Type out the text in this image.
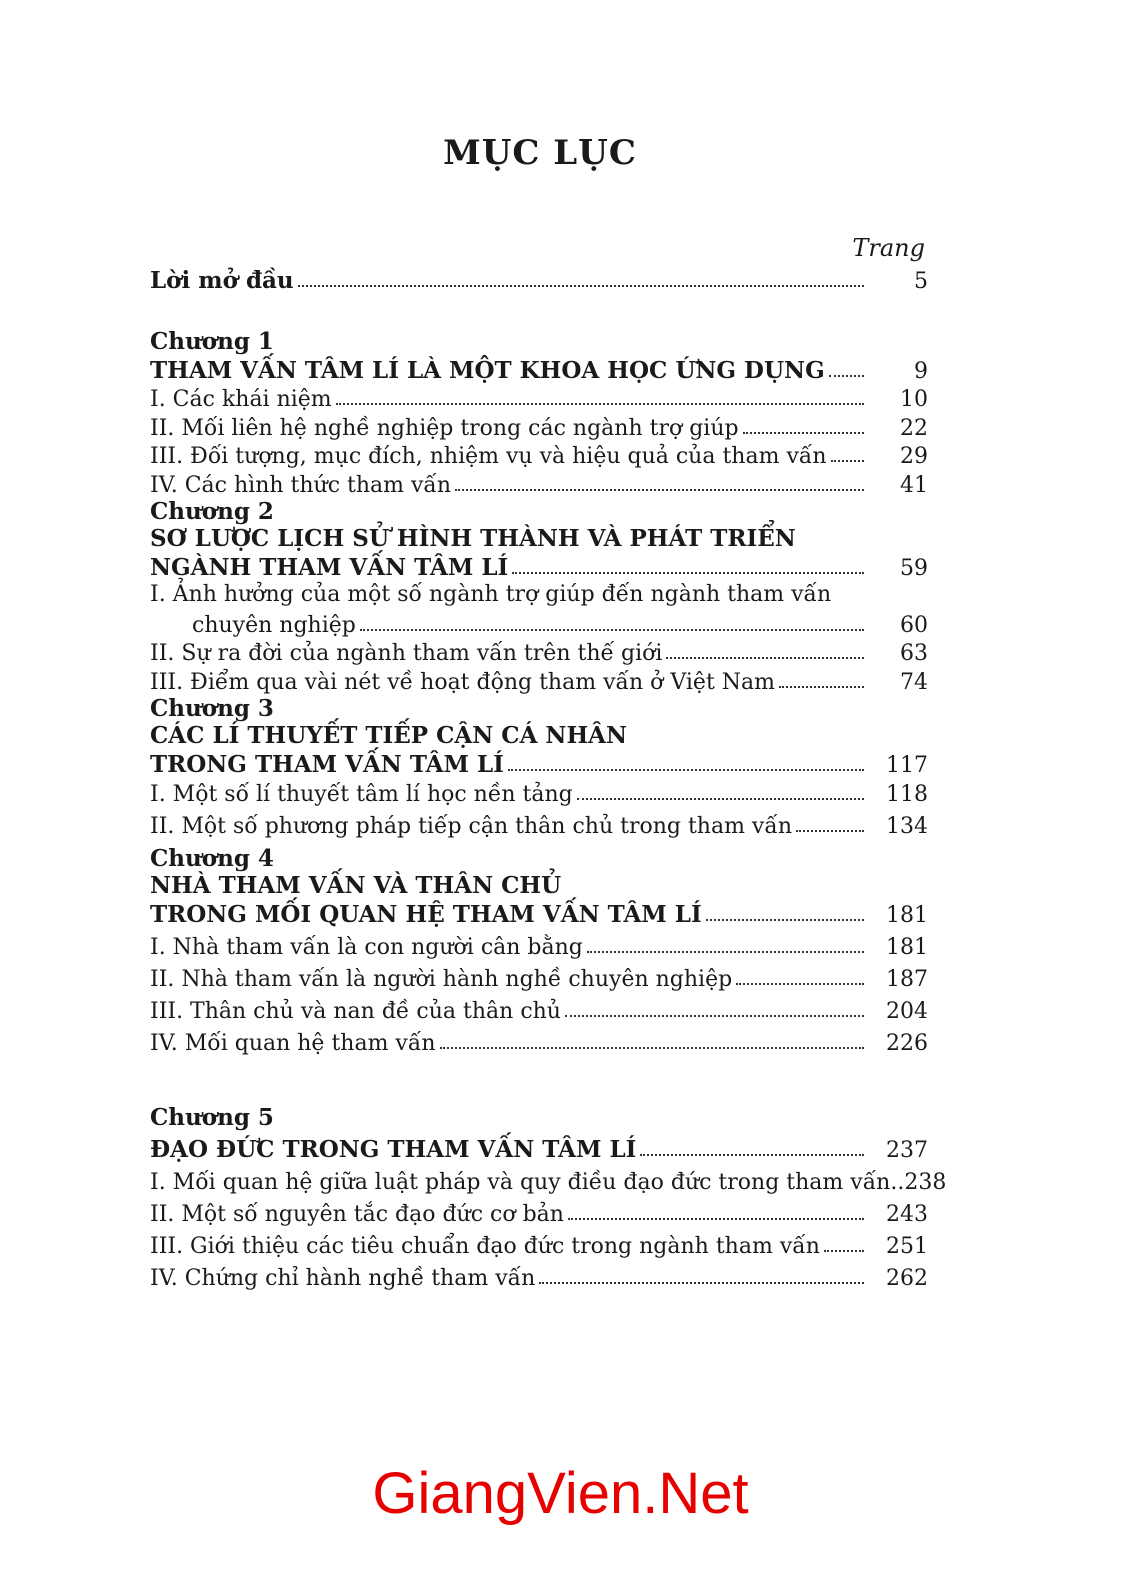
MỤC LỤC
Trang
Lời mở đầu	5
Chương 1
THAM VẤN TÂM LÍ LÀ MỘT KHOA HỌC ỨNG DỤNG	9
I. Các khái niệm	10
II. Mối liên hệ nghề nghiệp trong các ngành trợ giúp	22
III. Đối tượng, mục đích, nhiệm vụ và hiệu quả của tham vấn	29
IV. Các hình thức tham vấn	41
Chương 2
SƠ LƯỢC LỊCH SỬ HÌNH THÀNH VÀ PHÁT TRIỂN
NGÀNH THAM VẤN TÂM LÍ	59
I. Ảnh hưởng của một số ngành trợ giúp đến ngành tham vấn
chuyên nghiệp	60
II. Sự ra đời của ngành tham vấn trên thế giới	63
III. Điểm qua vài nét về hoạt động tham vấn ở Việt Nam	74
Chương 3
CÁC LÍ THUYẾT TIẾP CẬN CÁ NHÂN
TRONG THAM VẤN TÂM LÍ	117
I. Một số lí thuyết tâm lí học nền tảng	118
II. Một số phương pháp tiếp cận thân chủ trong tham vấn	134
Chương 4
NHÀ THAM VẤN VÀ THÂN CHỦ
TRONG MỐI QUAN HỆ THAM VẤN TÂM LÍ	181
I. Nhà tham vấn là con người cân bằng	181
II. Nhà tham vấn là người hành nghề chuyên nghiệp	187
III. Thân chủ và nan đề của thân chủ	204
IV. Mối quan hệ tham vấn	226
Chương 5
ĐẠO ĐỨC TRONG THAM VẤN TÂM LÍ	237
I. Mối quan hệ giữa luật pháp và quy điều đạo đức trong tham vấn.. 238
II. Một số nguyên tắc đạo đức cơ bản	243
III. Giới thiệu các tiêu chuẩn đạo đức trong ngành tham vấn	251
IV. Chứng chỉ hành nghề tham vấn	262
GiangVien.Net
